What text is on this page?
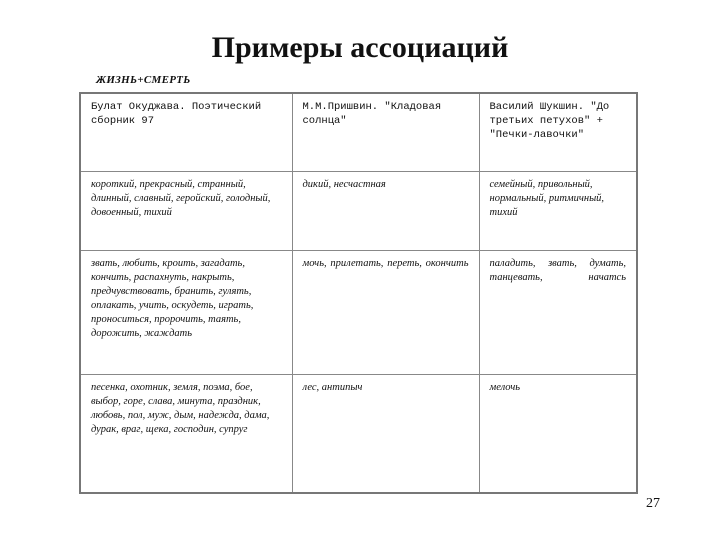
Примеры ассоциаций
ЖИЗНЬ+СМЕРТЬ
Булат Окуджава. Поэтический сборник 97	М.М.Пришвин. "Кладовая солнца"	Василий Шукшин. "До третьих петухов" + "Печки-лавочки"
короткий, прекрасный, странный, длинный, славный, геройский, голодный, довоенный, тихий	дикий, несчастная	семейный, привольный, нормальный, ритмичный, тихий
звать, любить, кроить, загадать, кончить, распахнуть, накрыть, предчувствовать, бранить, гулять, оплакать, учить, оскудеть, играть, проноситься, пророчить, таять, дорожить, жаждать	мочь, прилетать, переть, окончить	паладить, звать, думать, танцевать, начатсь
песенка, охотник, земля, поэма, бое, выбор, горе, слава, минута, праздник, любовь, пол, муж, дым, надежда, дама, дурак, враг, щека, господин, супруг	лес, антипыч	мелочь
27
